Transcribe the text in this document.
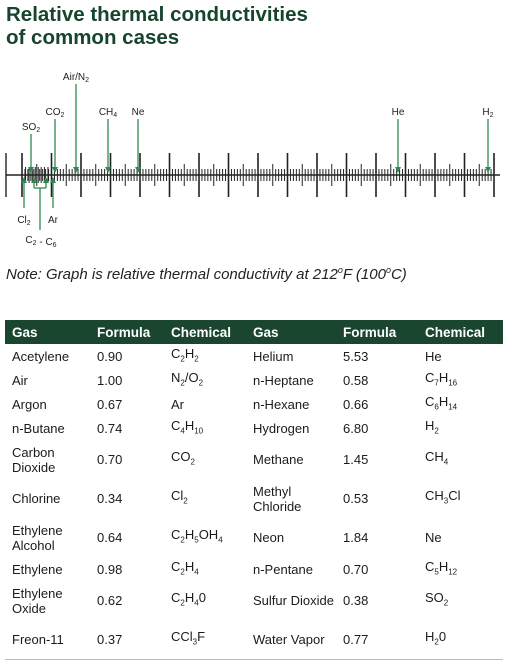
Relative thermal conductivities
of common cases
$SO_2$
$CO_2$
Air/$N_2$
$CH_4$ Ne	He	$H_2$
$Cl_2$ Ar
$C_2 - C_6$
Note: Graph is relative thermal conductivity at 212$^o$F (100$^o$C)
Gas	Formula	Chemical	Gas	Formula	Chemical
Acetylene	0.90	$C_2H_2$	Helium	5.53	He
Air	1.00	$N_2/O_2$	n-Heptane	0.58	$C_7H_{16}$
Argon	0.67	Ar	n-Hexane	0.66	$C_6H_{14}$
n-Butane	0.74	$C_4H_{10}$	Hydrogen	6.80	$H_2$
Carbon Dioxide	0.70	$CO_2$	Methane	1.45	$CH_4$
Chlorine	0.34	$Cl_2$	Methyl Chloride	0.53	$CH_3Cl$
Ethylene Alcohol	0.64	$C_2H_5OH_4$	Neon	1.84	Ne
Ethylene	0.98	$C_2H_4$	n-Pentane	0.70	$C_5H_{12}$
Ethylene Oxide	0.62	$C_2H_40$	Sulfur Dioxide	0.38	$SO_2$
Freon-11	0.37	CCl$_3$F	Water Vapor	0.77	$H_20$
